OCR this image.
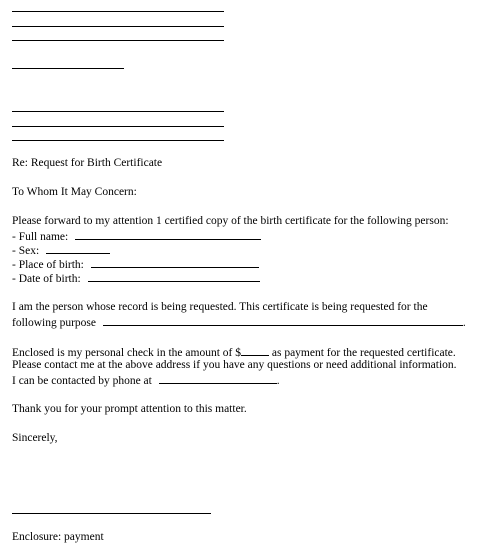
Re: Request for Birth Certificate
To Whom It May Concern:
Please forward to my attention 1 certified copy of the birth certificate for the following person:
- Full name:
- Sex:
- Place of birth:
- Date of birth:
I am the person whose record is being requested. This certificate is being requested for the
following purpose	.
Enclosed is my personal check in the amount of $ as payment for the requested certificate.
Please contact me at the above address if you have any questions or need additional information.
I can be contacted by phone at	.
Thank you for your prompt attention to this matter.
Sincerely,
Enclosure: payment
